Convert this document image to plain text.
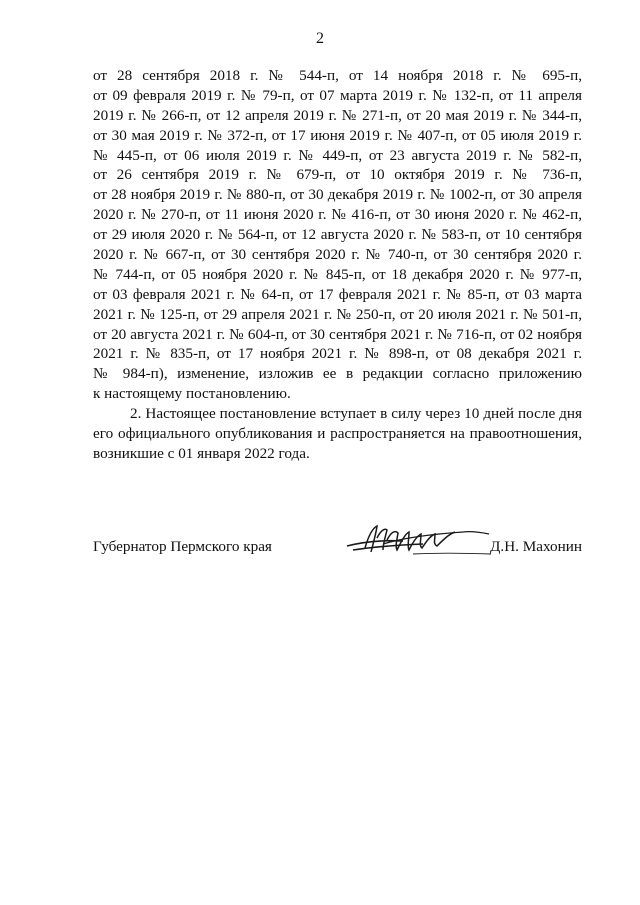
2
от 28 сентября 2018 г. № 544-п, от 14 ноября 2018 г. № 695-п,
от 09 февраля 2019 г. № 79-п, от 07 марта 2019 г. № 132-п, от 11 апреля
2019 г. № 266-п, от 12 апреля 2019 г. № 271-п, от 20 мая 2019 г. № 344-п,
от 30 мая 2019 г. № 372-п, от 17 июня 2019 г. № 407-п, от 05 июля 2019 г.
№ 445-п, от 06 июля 2019 г. № 449-п, от 23 августа 2019 г. № 582-п,
от 26 сентября 2019 г. № 679-п, от 10 октября 2019 г. № 736-п,
от 28 ноября 2019 г. № 880-п, от 30 декабря 2019 г. № 1002-п, от 30 апреля
2020 г. № 270-п, от 11 июня 2020 г. № 416-п, от 30 июня 2020 г. № 462-п,
от 29 июля 2020 г. № 564-п, от 12 августа 2020 г. № 583-п, от 10 сентября
2020 г. № 667-п, от 30 сентября 2020 г. № 740-п, от 30 сентября 2020 г.
№ 744-п, от 05 ноября 2020 г. № 845-п, от 18 декабря 2020 г. № 977-п,
от 03 февраля 2021 г. № 64-п, от 17 февраля 2021 г. № 85-п, от 03 марта
2021 г. № 125-п, от 29 апреля 2021 г. № 250-п, от 20 июля 2021 г. № 501-п,
от 20 августа 2021 г. № 604-п, от 30 сентября 2021 г. № 716-п, от 02 ноября
2021 г. № 835-п, от 17 ноября 2021 г. № 898-п, от 08 декабря 2021 г.
№ 984-п), изменение, изложив ее в редакции согласно приложению
к настоящему постановлению.
2. Настоящее постановление вступает в силу через 10 дней после дня
его официального опубликования и распространяется на правоотношения,
возникшие с 01 января 2022 года.
Губернатор Пермского края	Д.Н. Махонин
